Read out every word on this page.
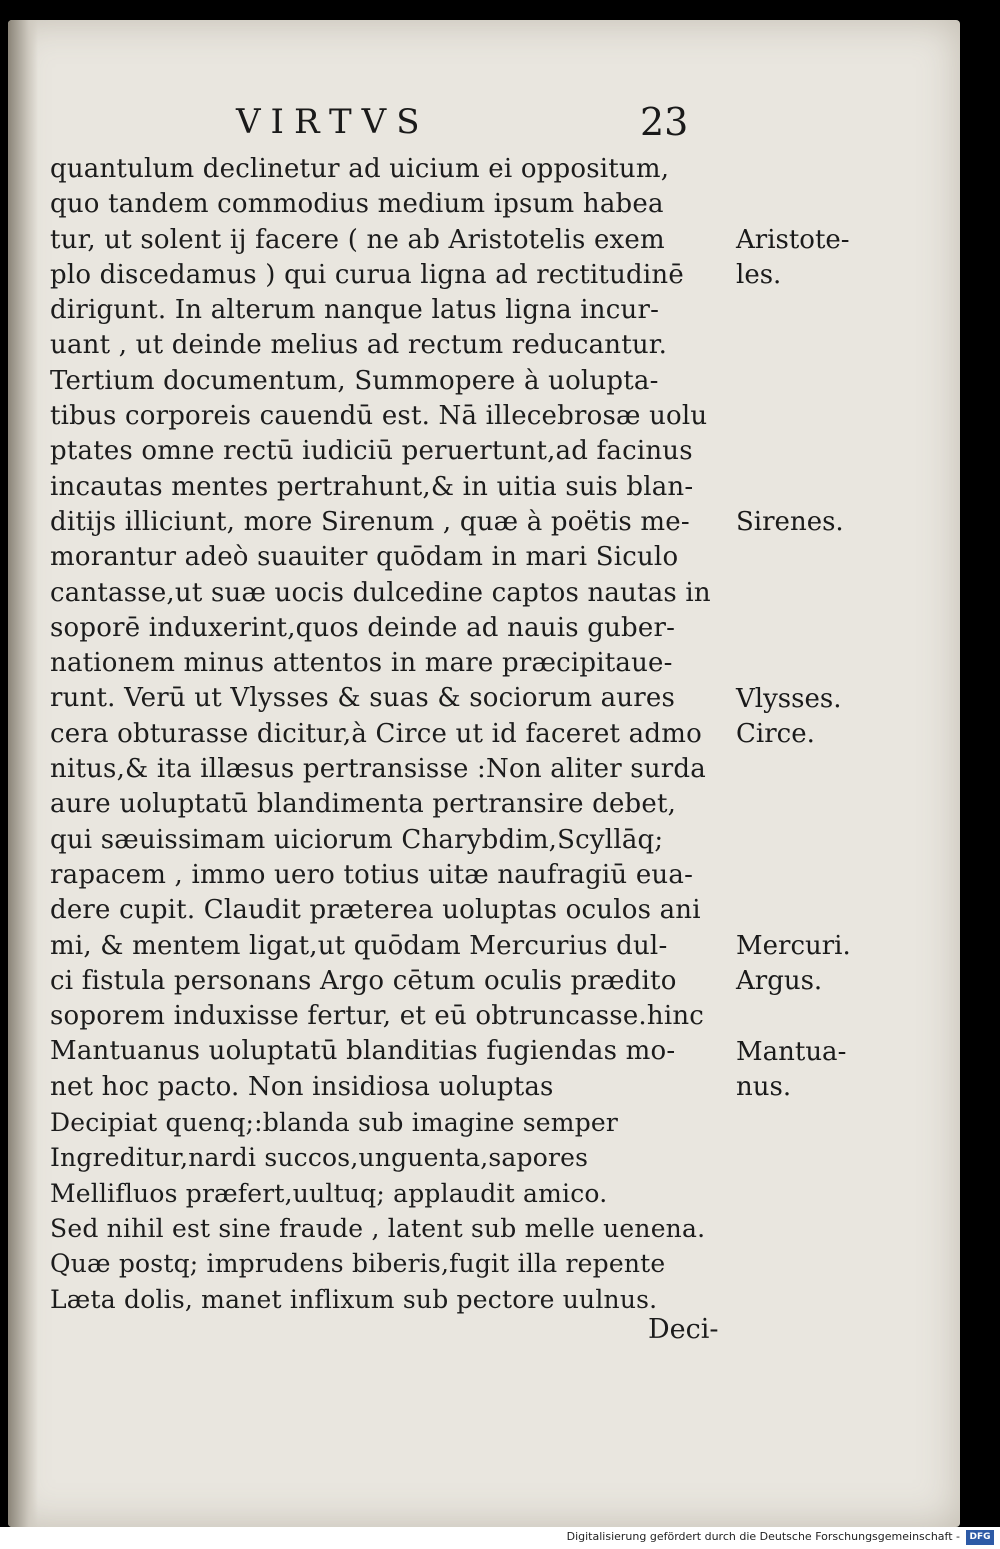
VIRTVS	23
quantulum declinetur ad uicium ei oppositum,
quo tandem commodius medium ipsum habea
tur, ut solent ij facere ( ne ab Aristotelis exem
plo discedamus ) qui curua ligna ad rectitudinē
dirigunt. In alterum nanque latus ligna incur-
uant , ut deinde melius ad rectum reducantur.
Tertium documentum, Summopere à uolupta-
tibus corporeis cauendū est. Nā illecebrosæ uolu
ptates omne rectū iudiciū peruertunt,ad facinus
incautas mentes pertrahunt,& in uitia suis blan-
ditijs illiciunt, more Sirenum , quæ à poëtis me-
morantur adeò suauiter quōdam in mari Siculo
cantasse,ut suæ uocis dulcedine captos nautas in
soporē induxerint,quos deinde ad nauis guber-
nationem minus attentos in mare præcipitaue-
runt. Verū ut Vlysses & suas & sociorum aures
cera obturasse dicitur,à Circe ut id faceret admo
nitus,& ita illæsus pertransisse :Non aliter surda
aure uoluptatū blandimenta pertransire debet,
qui sæuissimam uiciorum Charybdim,Scyllāq;
rapacem , immo uero totius uitæ naufragiū eua-
dere cupit. Claudit præterea uoluptas oculos ani
mi, & mentem ligat,ut quōdam Mercurius dul-
ci fistula personans Argo cētum oculis prædito
soporem induxisse fertur, et eū obtruncasse.hinc
Mantuanus uoluptatū blanditias fugiendas mo-
net hoc pacto. Non insidiosa uoluptas
Decipiat quenq;:blanda sub imagine semper
Ingreditur,nardi succos,unguenta,sapores
Mellifluos præfert,uultuq; applaudit amico.
Sed nihil est sine fraude , latent sub melle uenena.
Quæ postq; imprudens biberis,fugit illa repente
Læta dolis, manet inflixum sub pectore uulnus.
Aristote-
les.
Sirenes.
Vlysses.
Circe.
Mercuri.
Argus.
Mantua-
nus.
Deci-
Digitalisierung gefördert durch die Deutsche Forschungsgemeinschaft -	DFG
